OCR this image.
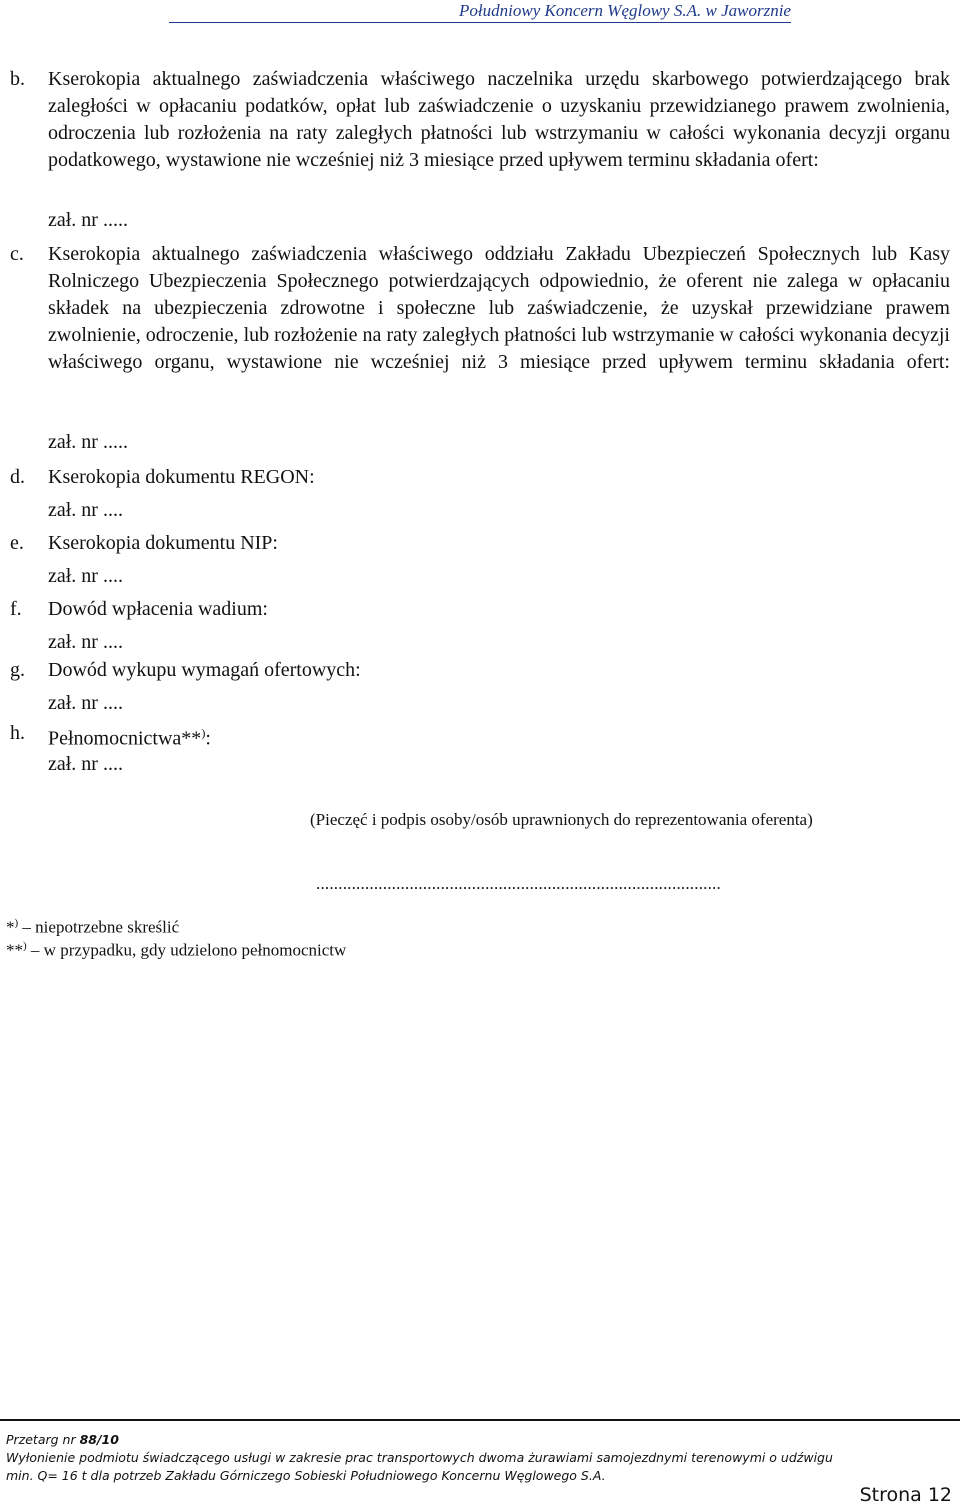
Południowy Koncern Węglowy S.A. w Jaworznie
b. Kserokopia aktualnego zaświadczenia właściwego naczelnika urzędu skarbowego potwierdzającego brak zaległości w opłacaniu podatków, opłat lub zaświadczenie o uzyskaniu przewidzianego prawem zwolnienia, odroczenia lub rozłożenia na raty zaległych płatności lub wstrzymaniu w całości wykonania decyzji organu podatkowego, wystawione nie wcześniej niż 3 miesiące przed upływem terminu składania ofert:
zał. nr .....
c. Kserokopia aktualnego zaświadczenia właściwego oddziału Zakładu Ubezpieczeń Społecznych lub Kasy Rolniczego Ubezpieczenia Społecznego potwierdzających odpowiednio, że oferent nie zalega w opłacaniu składek na ubezpieczenia zdrowotne i społeczne lub zaświadczenie, że uzyskał przewidziane prawem zwolnienie, odroczenie, lub rozłożenie na raty zaległych płatności lub wstrzymanie w całości wykonania decyzji właściwego organu, wystawione nie wcześniej niż 3 miesiące przed upływem terminu składania ofert:
zał. nr .....
d. Kserokopia dokumentu REGON:
zał. nr ....
e. Kserokopia dokumentu NIP:
zał. nr ....
f. Dowód wpłacenia wadium:
zał. nr ....
g. Dowód wykupu wymagań ofertowych:
zał. nr ....
h. Pełnomocnictwa**):
zał. nr ....
(Pieczęć i podpis osoby/osób uprawnionych do reprezentowania oferenta)
...........................................................................................
*) – niepotrzebne skreślić
**) – w przypadku, gdy udzielono pełnomocnictw
Przetarg nr 88/10
Wyłonienie podmiotu świadczącego usługi w zakresie prac transportowych dwoma żurawiami samojezdnymi terenowymi o udźwigu
min. Q= 16 t dla potrzeb Zakładu Górniczego Sobieski Południowego Koncernu Węglowego S.A.
Strona 12
